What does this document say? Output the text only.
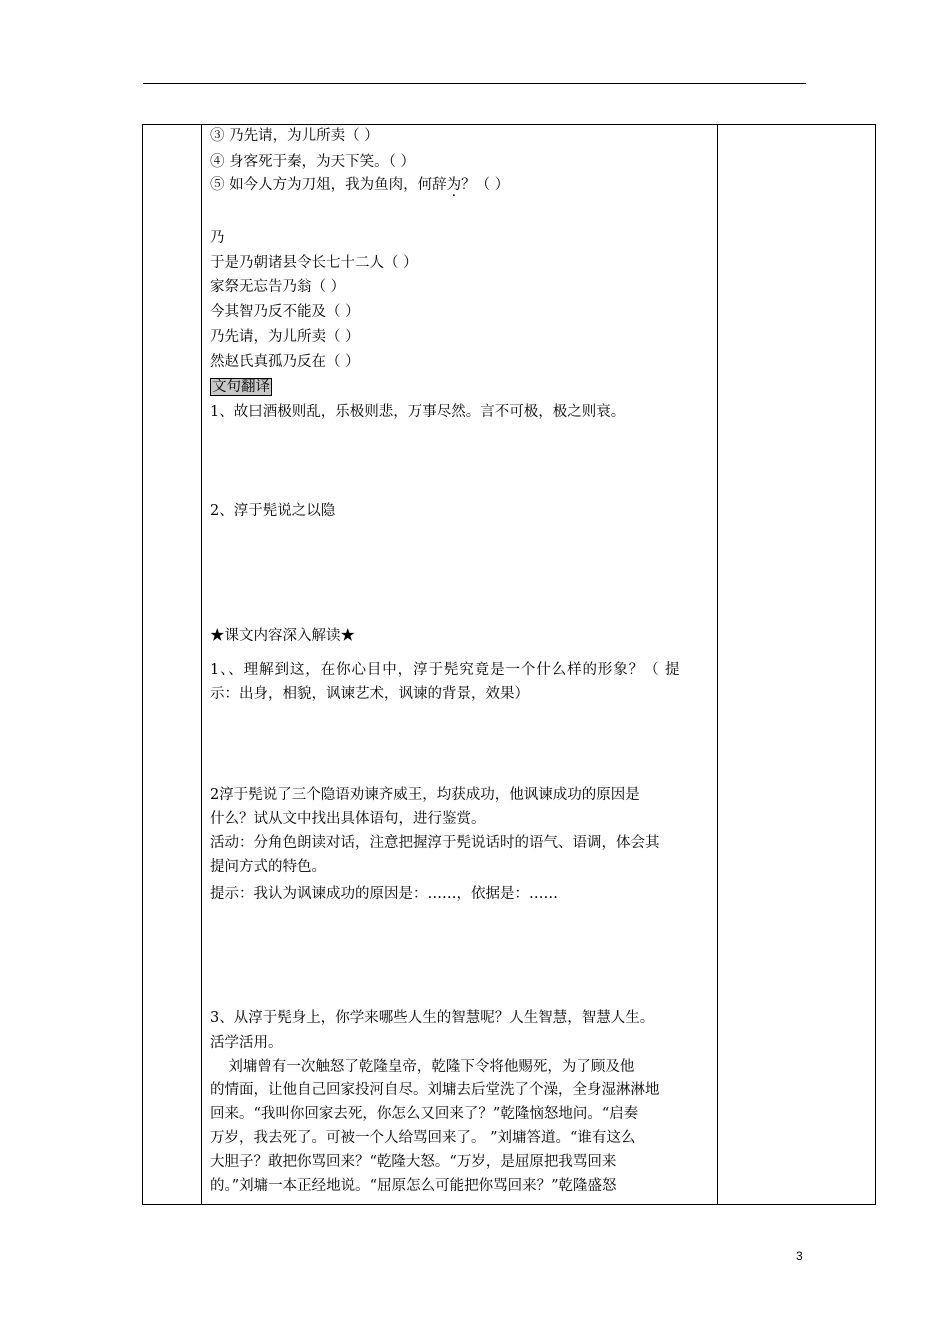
③ 乃先请，为儿所卖（ ）
④ 身客死于秦，为天下笑。（ ）
⑤ 如今人方为刀俎，我为鱼肉，何辞为？（ ）
乃
于是乃朝诸县令长七十二人（ ）
家祭无忘告乃翁（ ）
今其智乃反不能及（ ）
乃先请，为儿所卖（ ）
然赵氏真孤乃反在（ ）
文句翻译
1、故曰酒极则乱，乐极则悲，万事尽然。言不可极，极之则衰。
2、淳于髡说之以隐
★课文内容深入解读★
1、、理解到这，在你心目中，淳于髡究竟是一个什么样的形象？（ 提
示：出身，相貌，讽谏艺术，讽谏的背景，效果）
2淳于髡说了三个隐语劝谏齐威王，均获成功，他讽谏成功的原因是
什么？试从文中找出具体语句，进行鉴赏。
活动：分角色朗读对话，注意把握淳于髡说话时的语气、语调，体会其
提问方式的特色。
提示：我认为讽谏成功的原因是：……，依据是：……
3、从淳于髡身上，你学来哪些人生的智慧呢？人生智慧，智慧人生。
活学活用。
刘墉曾有一次触怒了乾隆皇帝，乾隆下令将他赐死，为了顾及他
的情面，让他自己回家投河自尽。刘墉去后堂洗了个澡，全身湿淋淋地
回来。“我叫你回家去死，你怎么又回来了？”乾隆恼怒地问。“启奏
万岁，我去死了。可被一个人给骂回来了。 ”刘墉答道。“谁有这么
大胆子？敢把你骂回来？“乾隆大怒。“万岁，是屈原把我骂回来
的。”刘墉一本正经地说。“屈原怎么可能把你骂回来？”乾隆盛怒
3
